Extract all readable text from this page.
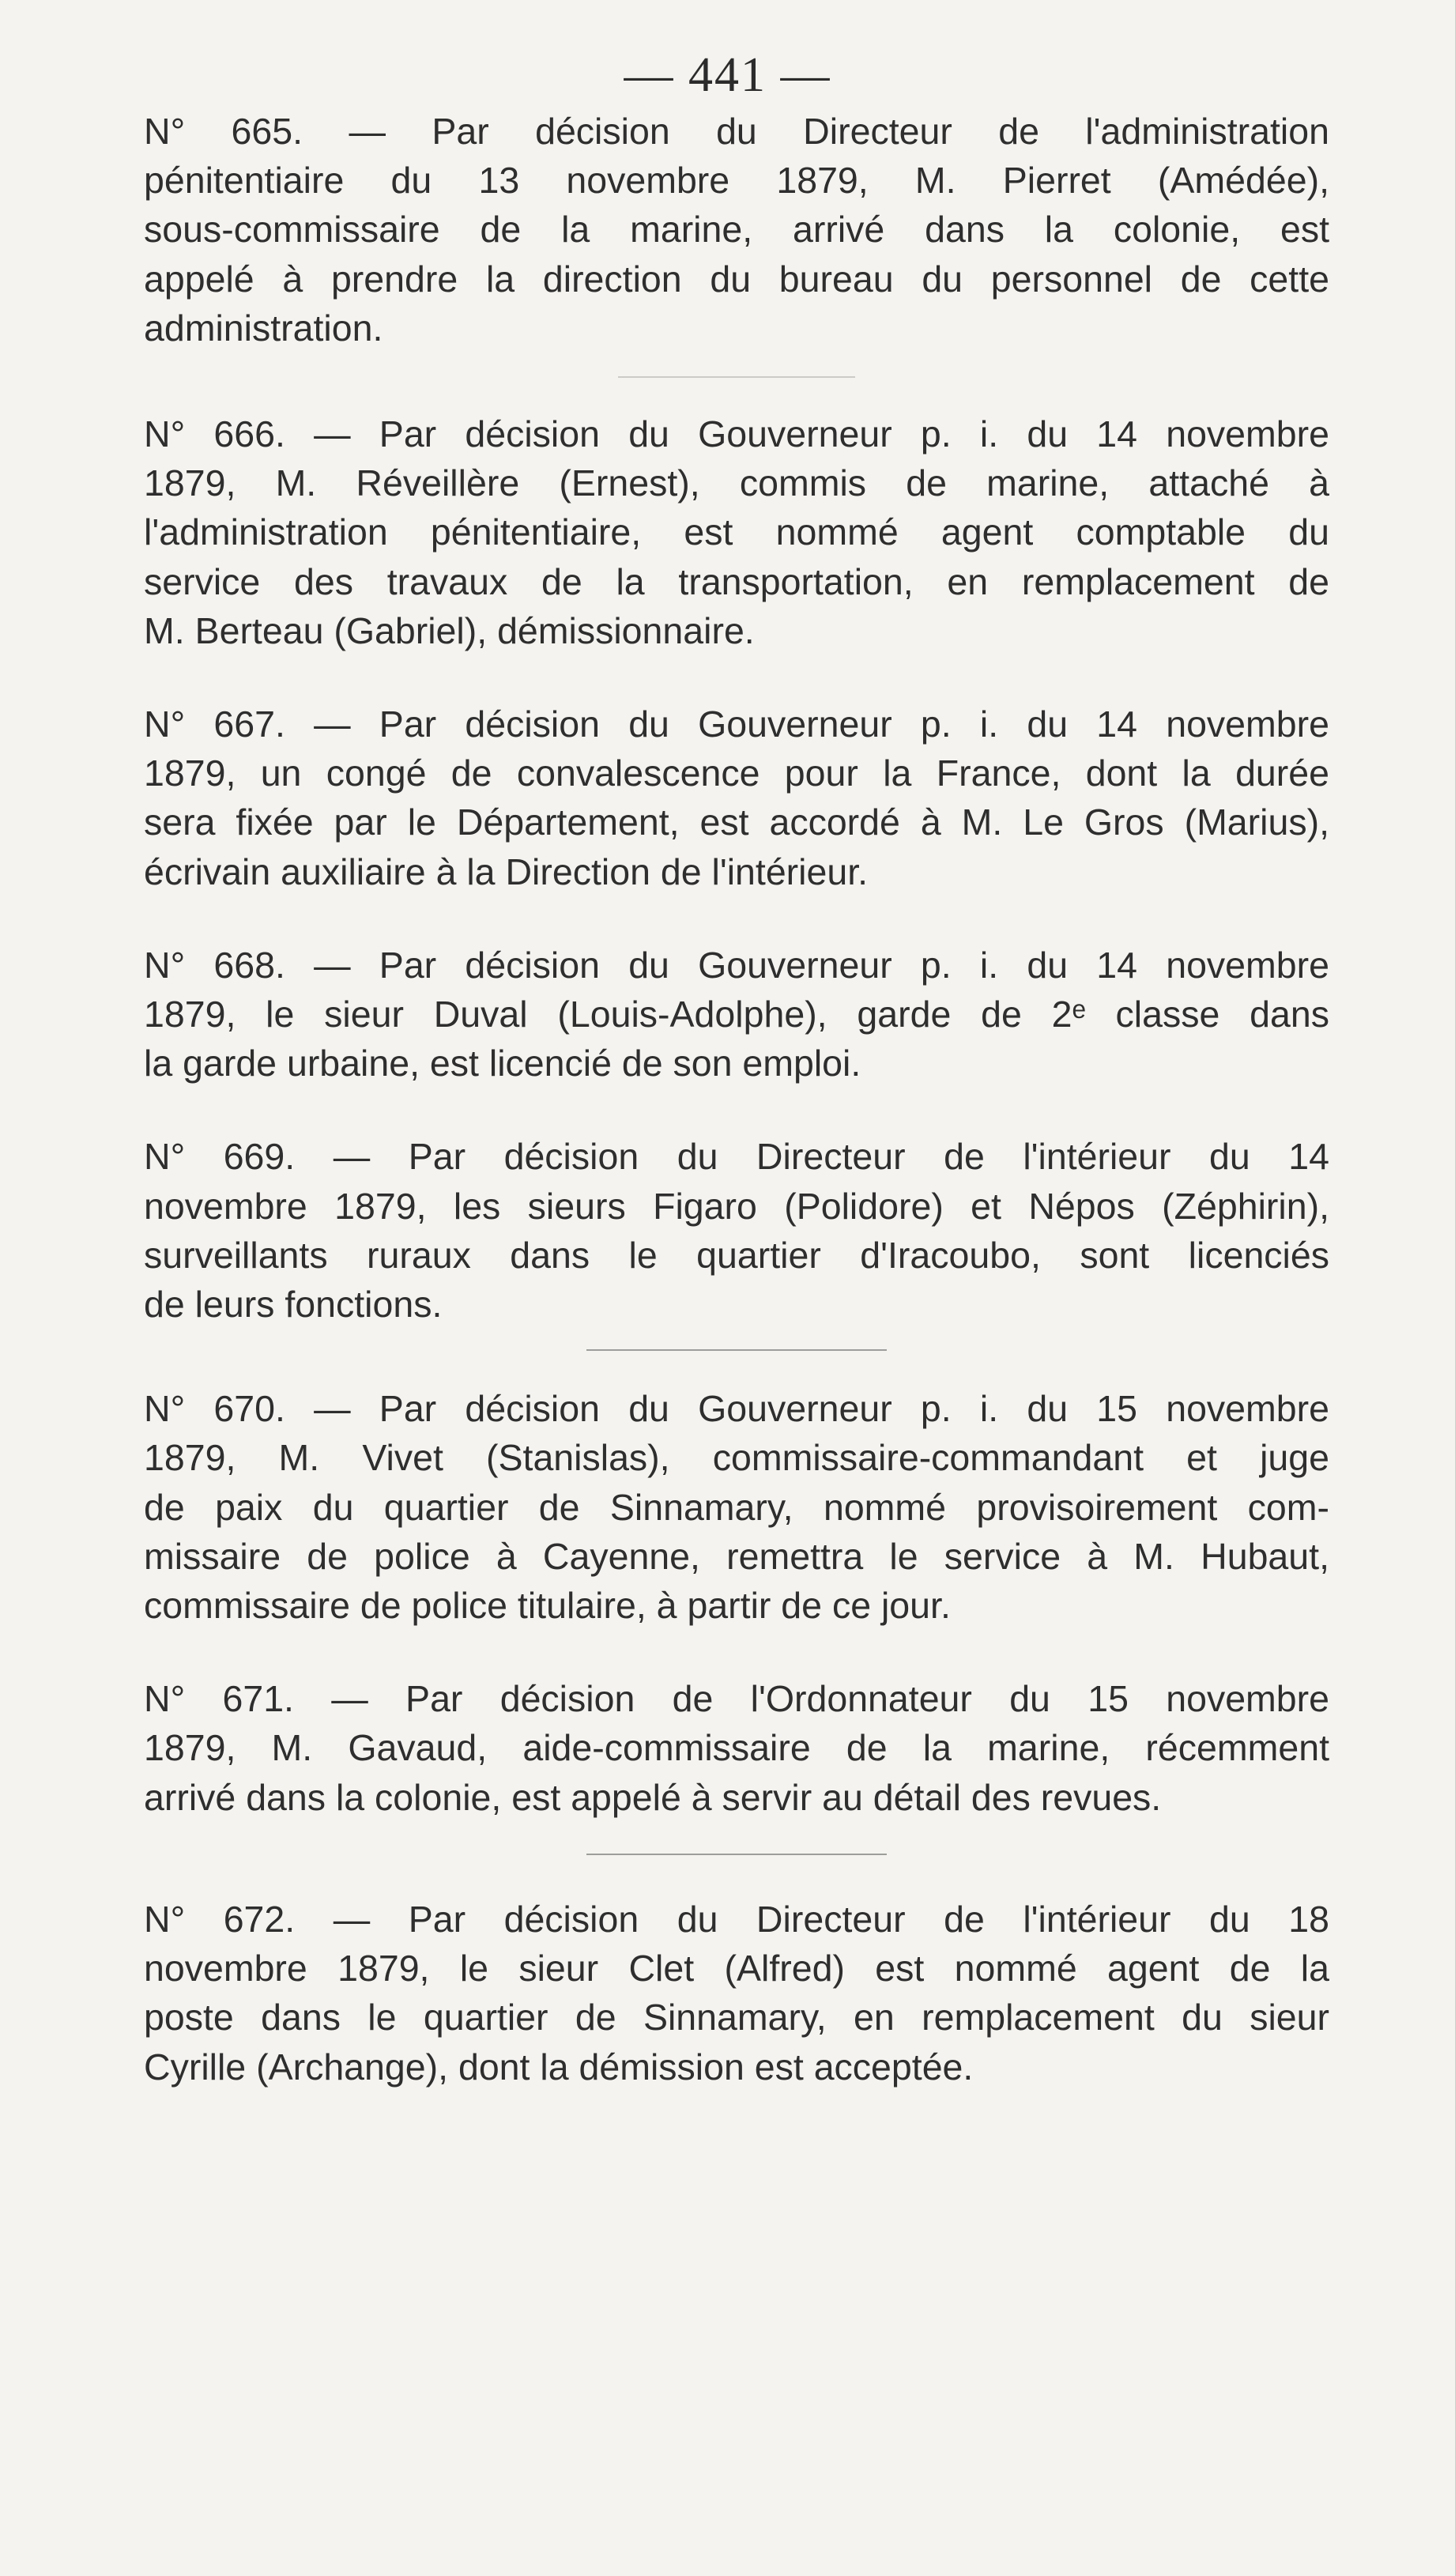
— 441 —
N° 665. — Par décision du Directeur de l'administration
pénitentiaire du 13 novembre 1879, M. Pierret (Amédée),
sous-commissaire de la marine, arrivé dans la colonie, est
appelé à prendre la direction du bureau du personnel de cette
administration.
N° 666. — Par décision du Gouverneur p. i. du 14 novembre
1879, M. Réveillère (Ernest), commis de marine, attaché à
l'administration pénitentiaire, est nommé agent comptable du
service des travaux de la transportation, en remplacement de
M. Berteau (Gabriel), démissionnaire.
N° 667. — Par décision du Gouverneur p. i. du 14 novembre
1879, un congé de convalescence pour la France, dont la durée
sera fixée par le Département, est accordé à M. Le Gros (Marius),
écrivain auxiliaire à la Direction de l'intérieur.
N° 668. — Par décision du Gouverneur p. i. du 14 novembre
1879, le sieur Duval (Louis-Adolphe), garde de 2ᵉ classe dans
la garde urbaine, est licencié de son emploi.
N° 669. — Par décision du Directeur de l'intérieur du 14
novembre 1879, les sieurs Figaro (Polidore) et Népos (Zéphirin),
surveillants ruraux dans le quartier d'Iracoubo, sont licenciés
de leurs fonctions.
N° 670. — Par décision du Gouverneur p. i. du 15 novembre
1879, M. Vivet (Stanislas), commissaire-commandant et juge
de paix du quartier de Sinnamary, nommé provisoirement com-
missaire de police à Cayenne, remettra le service à M. Hubaut,
commissaire de police titulaire, à partir de ce jour.
N° 671. — Par décision de l'Ordonnateur du 15 novembre
1879, M. Gavaud, aide-commissaire de la marine, récemment
arrivé dans la colonie, est appelé à servir au détail des revues.
N° 672. — Par décision du Directeur de l'intérieur du 18
novembre 1879, le sieur Clet (Alfred) est nommé agent de la
poste dans le quartier de Sinnamary, en remplacement du sieur
Cyrille (Archange), dont la démission est acceptée.
